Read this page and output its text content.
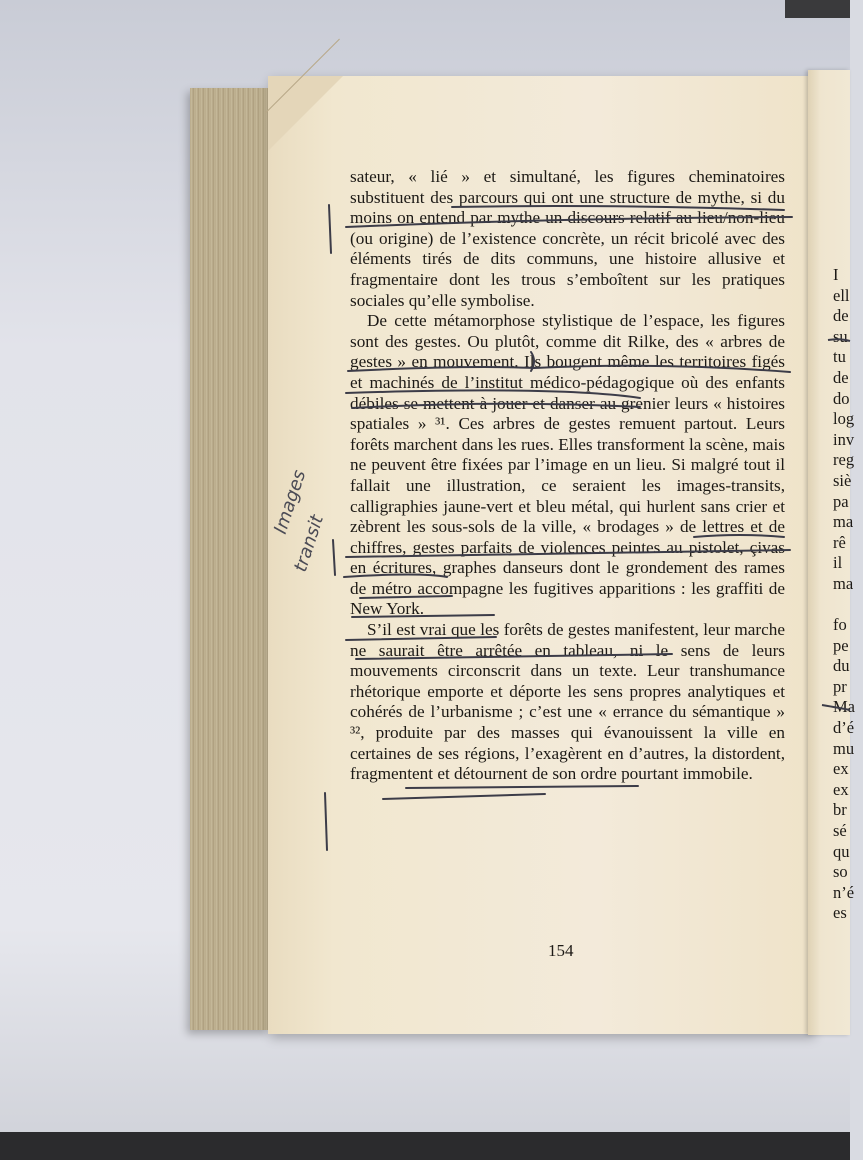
sateur, « lié » et simultané, les figures cheminatoires substituent des parcours qui ont une structure de mythe, si du moins on entend par mythe un discours relatif au lieu/non-lieu (ou origine) de l’existence concrète, un récit bricolé avec des éléments tirés de dits communs, une histoire allusive et fragmentaire dont les trous s’emboîtent sur les pratiques sociales qu’elle symbolise.

De cette métamorphose stylistique de l’espace, les figures sont des gestes. Ou plutôt, comme dit Rilke, des « arbres de gestes » en mouvement. Ils bougent même les territoires figés et machinés de l’institut médico-pédagogique où des enfants débiles se mettent à jouer et danser au grenier leurs « histoires spatiales » ³¹. Ces arbres de gestes remuent partout. Leurs forêts marchent dans les rues. Elles transforment la scène, mais ne peuvent être fixées par l’image en un lieu. Si malgré tout il fallait une illustration, ce seraient les images-transits, calligraphies jaune-vert et bleu métal, qui hurlent sans crier et zèbrent les sous-sols de la ville, « brodages » de lettres et de chiffres, gestes parfaits de violences peintes au pistolet, çivas en écritures, graphes danseurs dont le grondement des rames de métro accompagne les fugitives apparitions : les graffiti de New York.

S’il est vrai que les forêts de gestes manifestent, leur marche ne saurait être arrêtée en tableau, ni le sens de leurs mouvements circonscrit dans un texte. Leur transhumance rhétorique emporte et déporte les sens propres analytiques et cohérés de l’urbanisme ; c’est une « errance du sémantique » ³², produite par des masses qui évanouissent la ville en certaines de ses régions, l’exagèrent en d’autres, la distordent, fragmentent et détournent de son ordre pourtant immobile.

154
I
ell
de
su
tu
de
do
log
inv
reg
siè
pa
ma
rê
il
ma
fo
pe
du
pr
Ma
d’é
mu
ex
ex
br
sé
qu
so
n’é
es
Images
transit
